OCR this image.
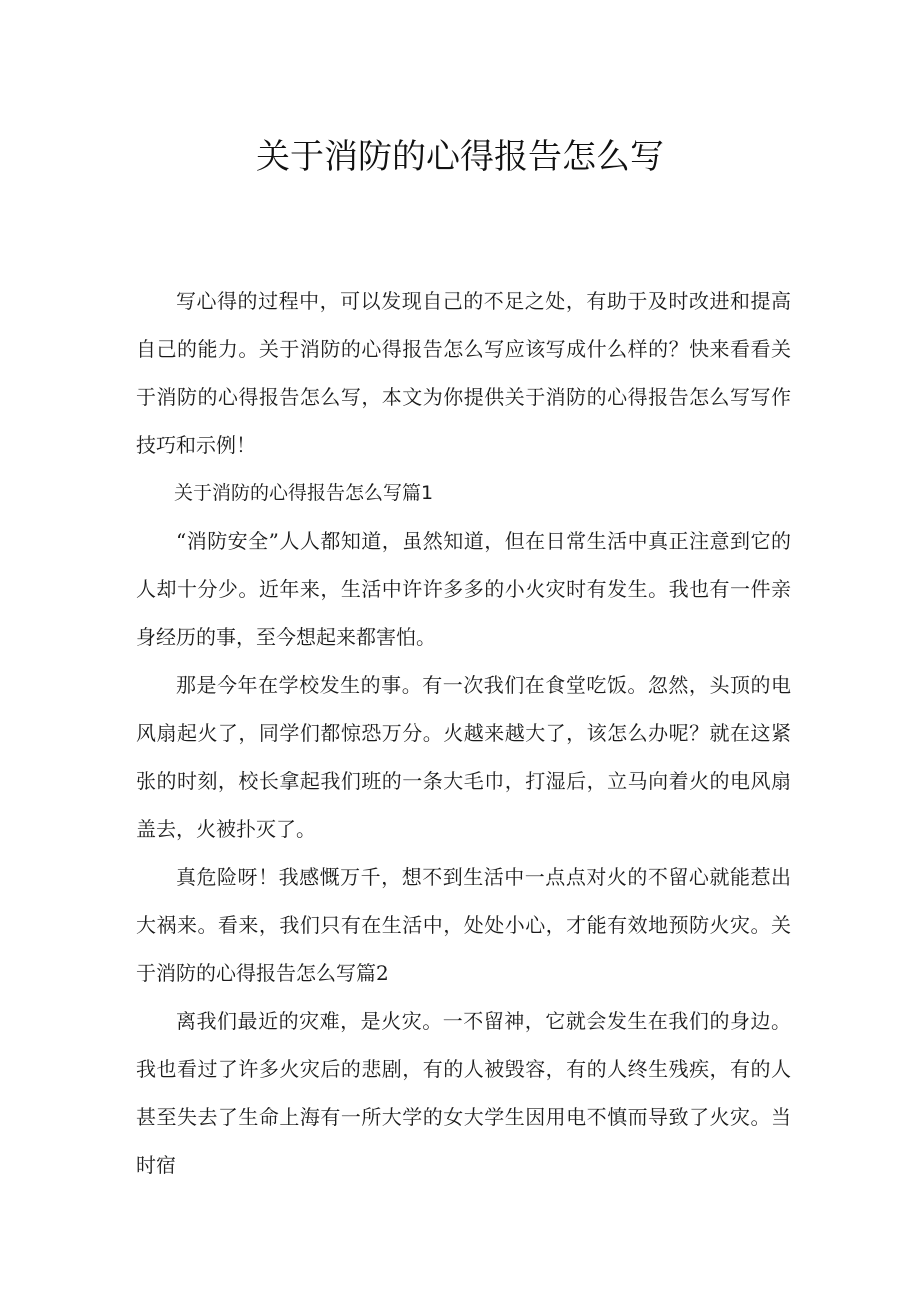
关于消防的心得报告怎么写

写心得的过程中，可以发现自己的不足之处，有助于及时改进和提高自己的能力。关于消防的心得报告怎么写应该写成什么样的？快来看看关于消防的心得报告怎么写，本文为你提供关于消防的心得报告怎么写写作技巧和示例！

关于消防的心得报告怎么写篇1

“消防安全”人人都知道，虽然知道，但在日常生活中真正注意到它的人却十分少。近年来，生活中许许多多的小火灾时有发生。我也有一件亲身经历的事，至今想起来都害怕。

那是今年在学校发生的事。有一次我们在食堂吃饭。忽然，头顶的电风扇起火了，同学们都惊恐万分。火越来越大了，该怎么办呢？就在这紧张的时刻，校长拿起我们班的一条大毛巾，打湿后，立马向着火的电风扇盖去，火被扑灭了。

真危险呀！我感慨万千，想不到生活中一点点对火的不留心就能惹出大祸来。看来，我们只有在生活中，处处小心，才能有效地预防火灾。关于消防的心得报告怎么写篇2

离我们最近的灾难，是火灾。一不留神，它就会发生在我们的身边。我也看过了许多火灾后的悲剧，有的人被毁容，有的人终生残疾，有的人甚至失去了生命上海有一所大学的女大学生因用电不慎而导致了火灾。当时宿
